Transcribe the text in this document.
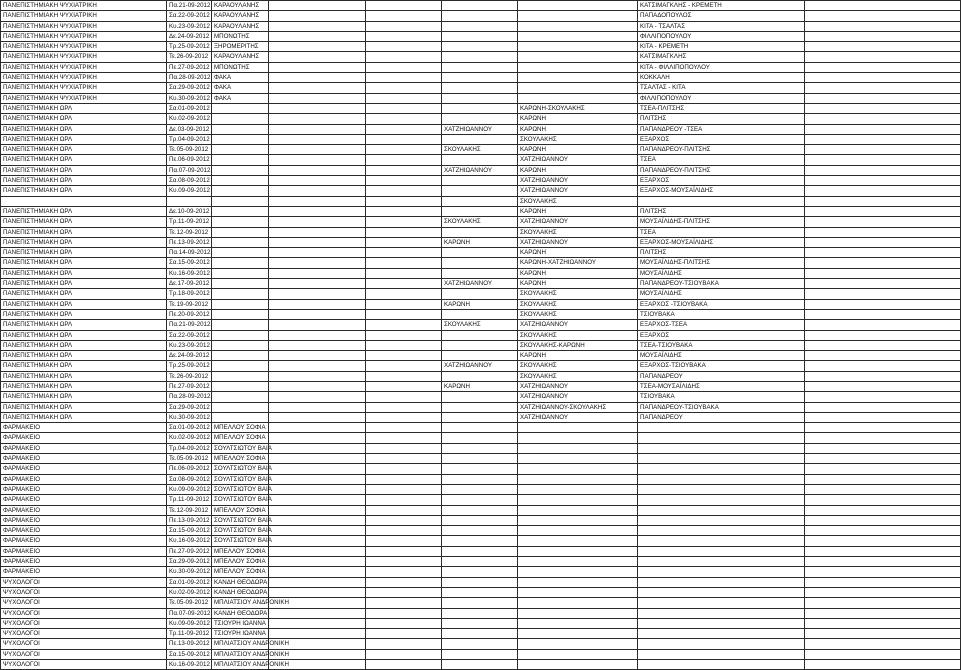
ΠΑΝΕΠΙΣΤΗΜΙΑΚΗ ΨΥΧΙΑΤΡΙΚΗ	Πα.21-09-2012	ΚΑΡΑΟΥΛΑΝΗΣ					ΚΑΤΣΙΜΑΓΚΛΗΣ - ΚΡΕΜΕΤΗ	
ΠΑΝΕΠΙΣΤΗΜΙΑΚΗ ΨΥΧΙΑΤΡΙΚΗ	Σα.22-09-2012	ΚΑΡΑΟΥΛΑΝΗΣ					ΠΑΠΑΔΟΠΟΥΛΟΣ	
ΠΑΝΕΠΙΣΤΗΜΙΑΚΗ ΨΥΧΙΑΤΡΙΚΗ	Κυ.23-09-2012	ΚΑΡΑΟΥΛΑΝΗΣ					ΚΙΤΑ - ΤΣΑΛΤΑΣ	
ΠΑΝΕΠΙΣΤΗΜΙΑΚΗ ΨΥΧΙΑΤΡΙΚΗ	Δε.24-09-2012	ΜΠΟΝΩΤΗΣ					ΦΙΛΛΙΠΟΠΟΥΛΟΥ	
ΠΑΝΕΠΙΣΤΗΜΙΑΚΗ ΨΥΧΙΑΤΡΙΚΗ	Τρ.25-09-2012	ΞΗΡΟΜΕΡΙΤΗΣ					ΚΙΤΑ - ΚΡΕΜΕΤΗ	
ΠΑΝΕΠΙΣΤΗΜΙΑΚΗ ΨΥΧΙΑΤΡΙΚΗ	Τε.26-09-2012	ΚΑΡΑΟΥΛΑΝΗΣ					ΚΑΤΣΙΜΑΓΚΛΗΣ	
ΠΑΝΕΠΙΣΤΗΜΙΑΚΗ ΨΥΧΙΑΤΡΙΚΗ	Πε.27-09-2012	ΜΠΟΝΩΤΗΣ					ΚΙΤΑ - ΦΙΛΛΙΠΟΠΟΥΛΟΥ	
ΠΑΝΕΠΙΣΤΗΜΙΑΚΗ ΨΥΧΙΑΤΡΙΚΗ	Πα.28-09-2012	ΦΑΚΑ					ΚΟΚΚΑΛΗ	
ΠΑΝΕΠΙΣΤΗΜΙΑΚΗ ΨΥΧΙΑΤΡΙΚΗ	Σα.29-09-2012	ΦΑΚΑ					ΤΣΑΛΤΑΣ - ΚΙΤΑ	
ΠΑΝΕΠΙΣΤΗΜΙΑΚΗ ΨΥΧΙΑΤΡΙΚΗ	Κυ.30-09-2012	ΦΑΚΑ					ΦΙΛΛΙΠΟΠΟΥΛΟΥ	
ΠΑΝΕΠΙΣΤΗΜΙΑΚΗ ΩΡΛ	Σα.01-09-2012					ΚΑΡΩΝΗ-ΣΚΟΥΛΑΚΗΣ	ΤΣΕΑ-ΠΛΙΤΣΗΣ	
ΠΑΝΕΠΙΣΤΗΜΙΑΚΗ ΩΡΛ	Κυ.02-09-2012					ΚΑΡΩΝΗ	ΠΛΙΤΣΗΣ	
ΠΑΝΕΠΙΣΤΗΜΙΑΚΗ ΩΡΛ	Δε.03-09-2012				ΧΑΤΖΗΙΩΑΝΝΟΥ	ΚΑΡΩΝΗ	ΠΑΠΑΝΔΡΕΟΥ -ΤΣΕΑ	
ΠΑΝΕΠΙΣΤΗΜΙΑΚΗ ΩΡΛ	Τρ.04-09-2012					ΣΚΟΥΛΑΚΗΣ	ΕΞΑΡΧΟΣ	
ΠΑΝΕΠΙΣΤΗΜΙΑΚΗ ΩΡΛ	Τε.05-09-2012				ΣΚΟΥΛΑΚΗΣ	ΚΑΡΩΝΗ	ΠΑΠΑΝΔΡΕΟΥ-ΠΛΙΤΣΗΣ	
ΠΑΝΕΠΙΣΤΗΜΙΑΚΗ ΩΡΛ	Πε.06-09-2012					ΧΑΤΖΗΙΩΑΝΝΟΥ	ΤΣΕΑ	
ΠΑΝΕΠΙΣΤΗΜΙΑΚΗ ΩΡΛ	Πα.07-09-2012				ΧΑΤΖΗΙΩΑΝΝΟΥ	ΚΑΡΩΝΗ	ΠΑΠΑΝΔΡΕΟΥ-ΠΛΙΤΣΗΣ	
ΠΑΝΕΠΙΣΤΗΜΙΑΚΗ ΩΡΛ	Σα.08-09-2012					ΧΑΤΖΗΙΩΑΝΝΟΥ	ΕΞΑΡΧΟΣ	
ΠΑΝΕΠΙΣΤΗΜΙΑΚΗ ΩΡΛ	Κυ.09-09-2012					ΧΑΤΖΗΙΩΑΝΝΟΥ	ΕΞΑΡΧΟΣ-ΜΟΥΣΑΪΛΙΔΗΣ	
						ΣΚΟΥΛΑΚΗΣ		
ΠΑΝΕΠΙΣΤΗΜΙΑΚΗ ΩΡΛ	Δε.10-09-2012					ΚΑΡΩΝΗ	ΠΛΙΤΣΗΣ	
ΠΑΝΕΠΙΣΤΗΜΙΑΚΗ ΩΡΛ	Τρ.11-09-2012				ΣΚΟΥΛΑΚΗΣ	ΧΑΤΖΗΙΩΑΝΝΟΥ	ΜΟΥΣΑΪΛΙΔΗΣ-ΠΛΙΤΣΗΣ	
ΠΑΝΕΠΙΣΤΗΜΙΑΚΗ ΩΡΛ	Τε.12-09-2012					ΣΚΟΥΛΑΚΗΣ	ΤΣΕΑ	
ΠΑΝΕΠΙΣΤΗΜΙΑΚΗ ΩΡΛ	Πε.13-09-2012				ΚΑΡΩΝΗ	ΧΑΤΖΗΙΩΑΝΝΟΥ	ΕΞΑΡΧΟΣ-ΜΟΥΣΑΪΛΙΔΗΣ	
ΠΑΝΕΠΙΣΤΗΜΙΑΚΗ ΩΡΛ	Πα.14-09-2012					ΚΑΡΩΝΗ	ΠΛΙΤΣΗΣ	
ΠΑΝΕΠΙΣΤΗΜΙΑΚΗ ΩΡΛ	Σα.15-09-2012					ΚΑΡΩΝΗ-ΧΑΤΖΗΙΩΑΝΝΟΥ	ΜΟΥΣΑΪΛΙΔΗΣ-ΠΛΙΤΣΗΣ	
ΠΑΝΕΠΙΣΤΗΜΙΑΚΗ ΩΡΛ	Κυ.16-09-2012					ΚΑΡΩΝΗ	ΜΟΥΣΑΪΛΙΔΗΣ	
ΠΑΝΕΠΙΣΤΗΜΙΑΚΗ ΩΡΛ	Δε.17-09-2012				ΧΑΤΖΗΙΩΑΝΝΟΥ	ΚΑΡΩΝΗ	ΠΑΠΑΝΔΡΕΟΥ-ΤΣΙΟΥΒΑΚΑ	
ΠΑΝΕΠΙΣΤΗΜΙΑΚΗ ΩΡΛ	Τρ.18-09-2012					ΣΚΟΥΛΑΚΗΣ	ΜΟΥΣΑΪΛΙΔΗΣ	
ΠΑΝΕΠΙΣΤΗΜΙΑΚΗ ΩΡΛ	Τε.19-09-2012				ΚΑΡΩΝΗ	ΣΚΟΥΛΑΚΗΣ	ΕΞΑΡΧΟΣ -ΤΣΙΟΥΒΑΚΑ	
ΠΑΝΕΠΙΣΤΗΜΙΑΚΗ ΩΡΛ	Πε.20-09-2012					ΣΚΟΥΛΑΚΗΣ	ΤΣΙΟΥΒΑΚΑ	
ΠΑΝΕΠΙΣΤΗΜΙΑΚΗ ΩΡΛ	Πα.21-09-2012				ΣΚΟΥΛΑΚΗΣ	ΧΑΤΖΗΙΩΑΝΝΟΥ	ΕΞΑΡΧΟΣ-ΤΣΕΑ	
ΠΑΝΕΠΙΣΤΗΜΙΑΚΗ ΩΡΛ	Σα.22-09-2012					ΣΚΟΥΛΑΚΗΣ	ΕΞΑΡΧΟΣ	
ΠΑΝΕΠΙΣΤΗΜΙΑΚΗ ΩΡΛ	Κυ.23-09-2012					ΣΚΟΥΛΑΚΗΣ-ΚΑΡΩΝΗ	ΤΣΕΑ-ΤΣΙΟΥΒΑΚΑ	
ΠΑΝΕΠΙΣΤΗΜΙΑΚΗ ΩΡΛ	Δε.24-09-2012					ΚΑΡΩΝΗ	ΜΟΥΣΑΪΛΙΔΗΣ	
ΠΑΝΕΠΙΣΤΗΜΙΑΚΗ ΩΡΛ	Τρ.25-09-2012				ΧΑΤΖΗΙΩΑΝΝΟΥ	ΣΚΟΥΛΑΚΗΣ	ΕΞΑΡΧΟΣ-ΤΣΙΟΥΒΑΚΑ	
ΠΑΝΕΠΙΣΤΗΜΙΑΚΗ ΩΡΛ	Τε.26-09-2012					ΣΚΟΥΛΑΚΗΣ	ΠΑΠΑΝΔΡΕΟΥ	
ΠΑΝΕΠΙΣΤΗΜΙΑΚΗ ΩΡΛ	Πε.27-09-2012				ΚΑΡΩΝΗ	ΧΑΤΖΗΙΩΑΝΝΟΥ	ΤΣΕΑ-ΜΟΥΣΑΪΛΙΔΗΣ	
ΠΑΝΕΠΙΣΤΗΜΙΑΚΗ ΩΡΛ	Πα.28-09-2012					ΧΑΤΖΗΙΩΑΝΝΟΥ	ΤΣΙΟΥΒΑΚΑ	
ΠΑΝΕΠΙΣΤΗΜΙΑΚΗ ΩΡΛ	Σα.29-09-2012					ΧΑΤΖΗΙΩΑΝΝΟΥ-ΣΚΟΥΛΑΚΗΣ	ΠΑΠΑΝΔΡΕΟΥ-ΤΣΙΟΥΒΑΚΑ	
ΠΑΝΕΠΙΣΤΗΜΙΑΚΗ ΩΡΛ	Κυ.30-09-2012					ΧΑΤΖΗΙΩΑΝΝΟΥ	ΠΑΠΑΝΔΡΕΟΥ	
ΦΑΡΜΑΚΕΙΟ	Σα.01-09-2012	ΜΠΕΛΛΟΥ ΣΟΦΙΑ						
ΦΑΡΜΑΚΕΙΟ	Κυ.02-09-2012	ΜΠΕΛΛΟΥ ΣΟΦΙΑ						
ΦΑΡΜΑΚΕΙΟ	Τρ.04-09-2012	ΣΟΥΛΤΣΙΩΤΟΥ ΒΑΙΑ						
ΦΑΡΜΑΚΕΙΟ	Τε.05-09-2012	ΜΠΕΛΛΟΥ ΣΟΦΙΑ						
ΦΑΡΜΑΚΕΙΟ	Πε.06-09-2012	ΣΟΥΛΤΣΙΩΤΟΥ ΒΑΙΑ						
ΦΑΡΜΑΚΕΙΟ	Σα.08-09-2012	ΣΟΥΛΤΣΙΩΤΟΥ ΒΑΙΑ						
ΦΑΡΜΑΚΕΙΟ	Κυ.09-09-2012	ΣΟΥΛΤΣΙΩΤΟΥ ΒΑΙΑ						
ΦΑΡΜΑΚΕΙΟ	Τρ.11-09-2012	ΣΟΥΛΤΣΙΩΤΟΥ ΒΑΙΑ						
ΦΑΡΜΑΚΕΙΟ	Τε.12-09-2012	ΜΠΕΛΛΟΥ ΣΟΦΙΑ						
ΦΑΡΜΑΚΕΙΟ	Πε.13-09-2012	ΣΟΥΛΤΣΙΩΤΟΥ ΒΑΙΑ						
ΦΑΡΜΑΚΕΙΟ	Σα.15-09-2012	ΣΟΥΛΤΣΙΩΤΟΥ ΒΑΙΑ						
ΦΑΡΜΑΚΕΙΟ	Κυ.16-09-2012	ΣΟΥΛΤΣΙΩΤΟΥ ΒΑΙΑ						
ΦΑΡΜΑΚΕΙΟ	Πε.27-09-2012	ΜΠΕΛΛΟΥ ΣΟΦΙΑ						
ΦΑΡΜΑΚΕΙΟ	Σα.29-09-2012	ΜΠΕΛΛΟΥ ΣΟΦΙΑ						
ΦΑΡΜΑΚΕΙΟ	Κυ.30-09-2012	ΜΠΕΛΛΟΥ ΣΟΦΙΑ						
ΨΥΧΟΛΟΓΟΙ	Σα.01-09-2012	ΚΑΝΔΗ ΘΕΟΔΩΡΑ						
ΨΥΧΟΛΟΓΟΙ	Κυ.02-09-2012	ΚΑΝΔΗ ΘΕΟΔΩΡΑ						
ΨΥΧΟΛΟΓΟΙ	Τε.05-09-2012	ΜΠΛΙΑΤΣΙΟΥ ΑΝΔΡΟΝΙΚΗ						
ΨΥΧΟΛΟΓΟΙ	Πα.07-09-2012	ΚΑΝΔΗ ΘΕΟΔΩΡΑ						
ΨΥΧΟΛΟΓΟΙ	Κυ.09-09-2012	ΤΣΙΟΥΡΗ ΙΩΑΝΝΑ						
ΨΥΧΟΛΟΓΟΙ	Τρ.11-09-2012	ΤΣΙΟΥΡΗ ΙΩΑΝΝΑ						
ΨΥΧΟΛΟΓΟΙ	Πε.13-09-2012	ΜΠΛΙΑΤΣΙΟΥ ΑΝΔΡΟΝΙΚΗ						
ΨΥΧΟΛΟΓΟΙ	Σα.15-09-2012	ΜΠΛΙΑΤΣΙΟΥ ΑΝΔΡΟΝΙΚΗ						
ΨΥΧΟΛΟΓΟΙ	Κυ.16-09-2012	ΜΠΛΙΑΤΣΙΟΥ ΑΝΔΡΟΝΙΚΗ						
